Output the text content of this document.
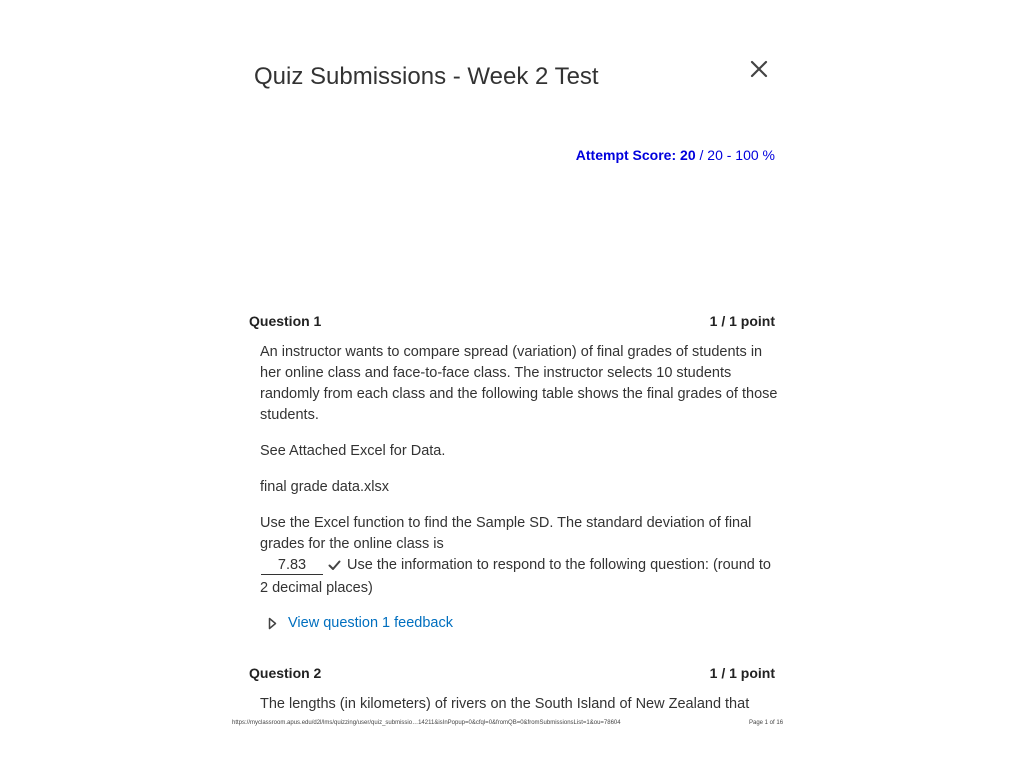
Quiz Submissions - Week 2 Test
Attempt Score: 20 / 20 - 100 %
Question 1	1 / 1 point

An instructor wants to compare spread (variation) of final grades of students in her online class and face-to-face class. The instructor selects 10 students randomly from each class and the following table shows the final grades of those students.

See Attached Excel for Data.

final grade data.xlsx

Use the Excel function to find the Sample SD. The standard deviation of final grades for the online class is
7.83	Use the information to respond to the following question: (round to 2 decimal places)

View question 1 feedback
Question 2	1 / 1 point

The lengths (in kilometers) of rivers on the South Island of New Zealand that

https://myclassroom.apus.edu/d2l/lms/quizzing/user/quiz_submissio…14211&isInPopup=0&cfql=0&fromQB=0&fromSubmissionsList=1&ou=78604	Page 1 of 16
